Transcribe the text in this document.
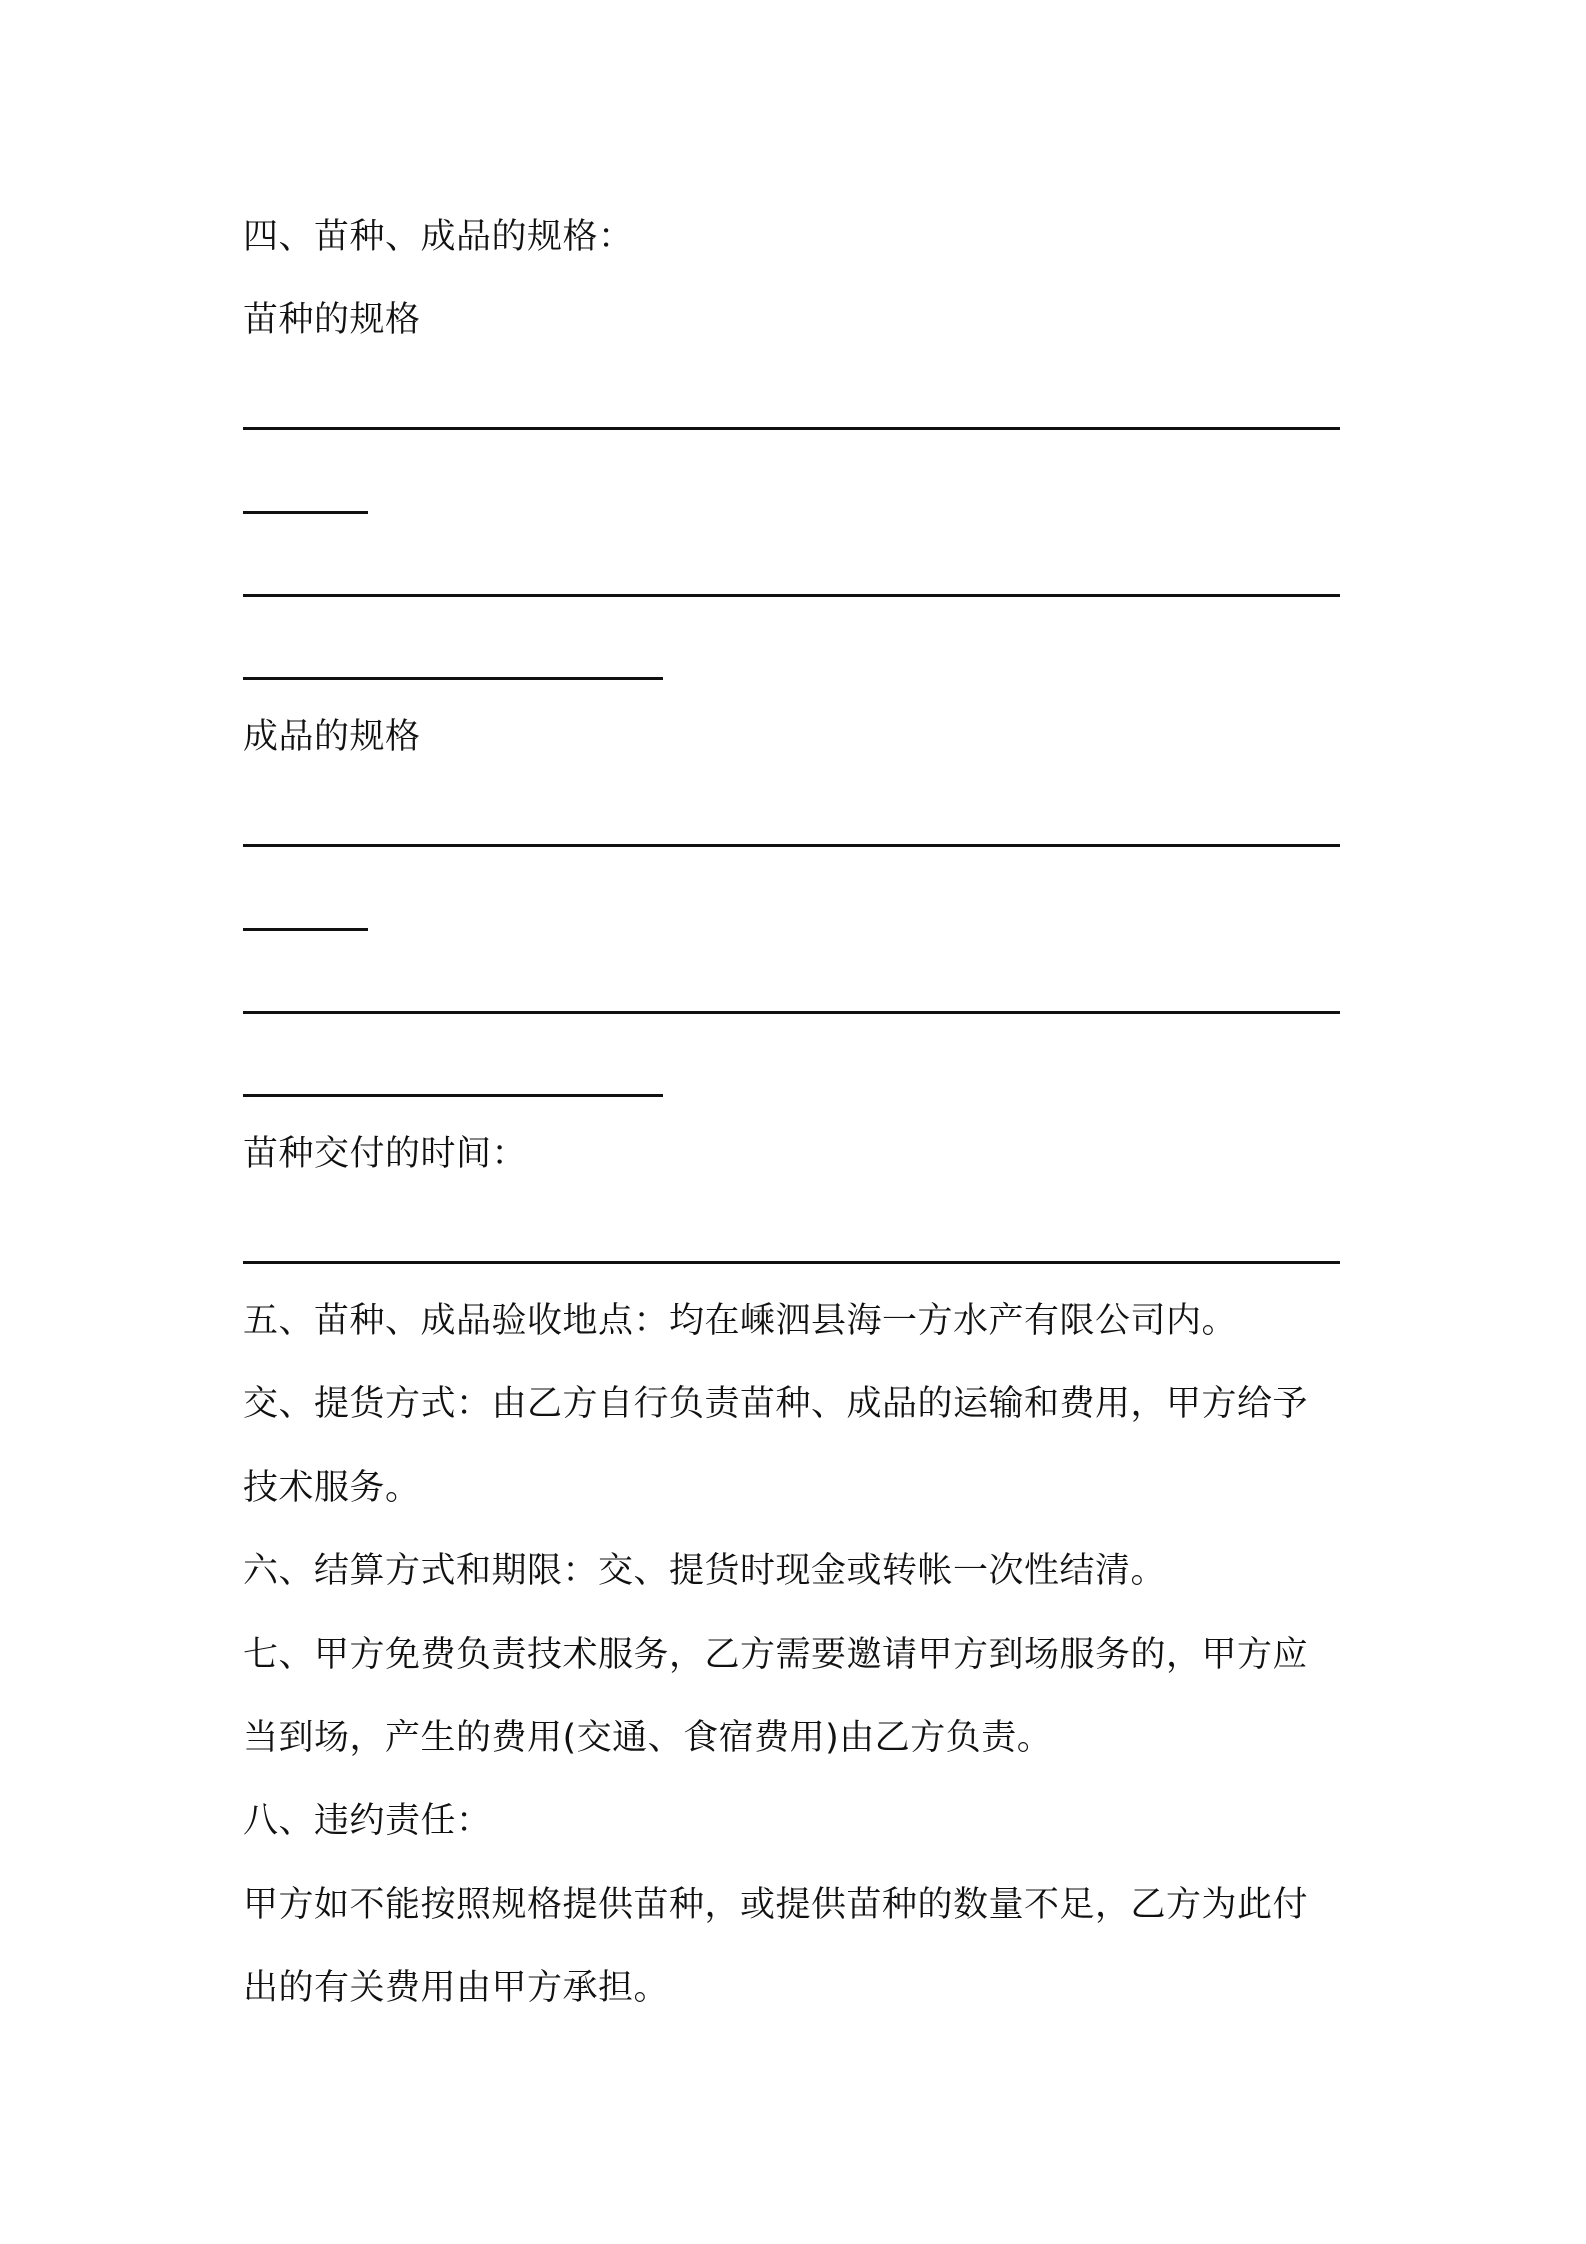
四、苗种、成品的规格：
苗种的规格
成品的规格
苗种交付的时间：
五、苗种、成品验收地点：均在嵊泗县海一方水产有限公司内。
交、提货方式：由乙方自行负责苗种、成品的运输和费用，甲方给予
技术服务。
六、结算方式和期限：交、提货时现金或转帐一次性结清。
七、甲方免费负责技术服务，乙方需要邀请甲方到场服务的，甲方应
当到场，产生的费用(交通、食宿费用)由乙方负责。
八、违约责任：
甲方如不能按照规格提供苗种，或提供苗种的数量不足，乙方为此付
出的有关费用由甲方承担。
